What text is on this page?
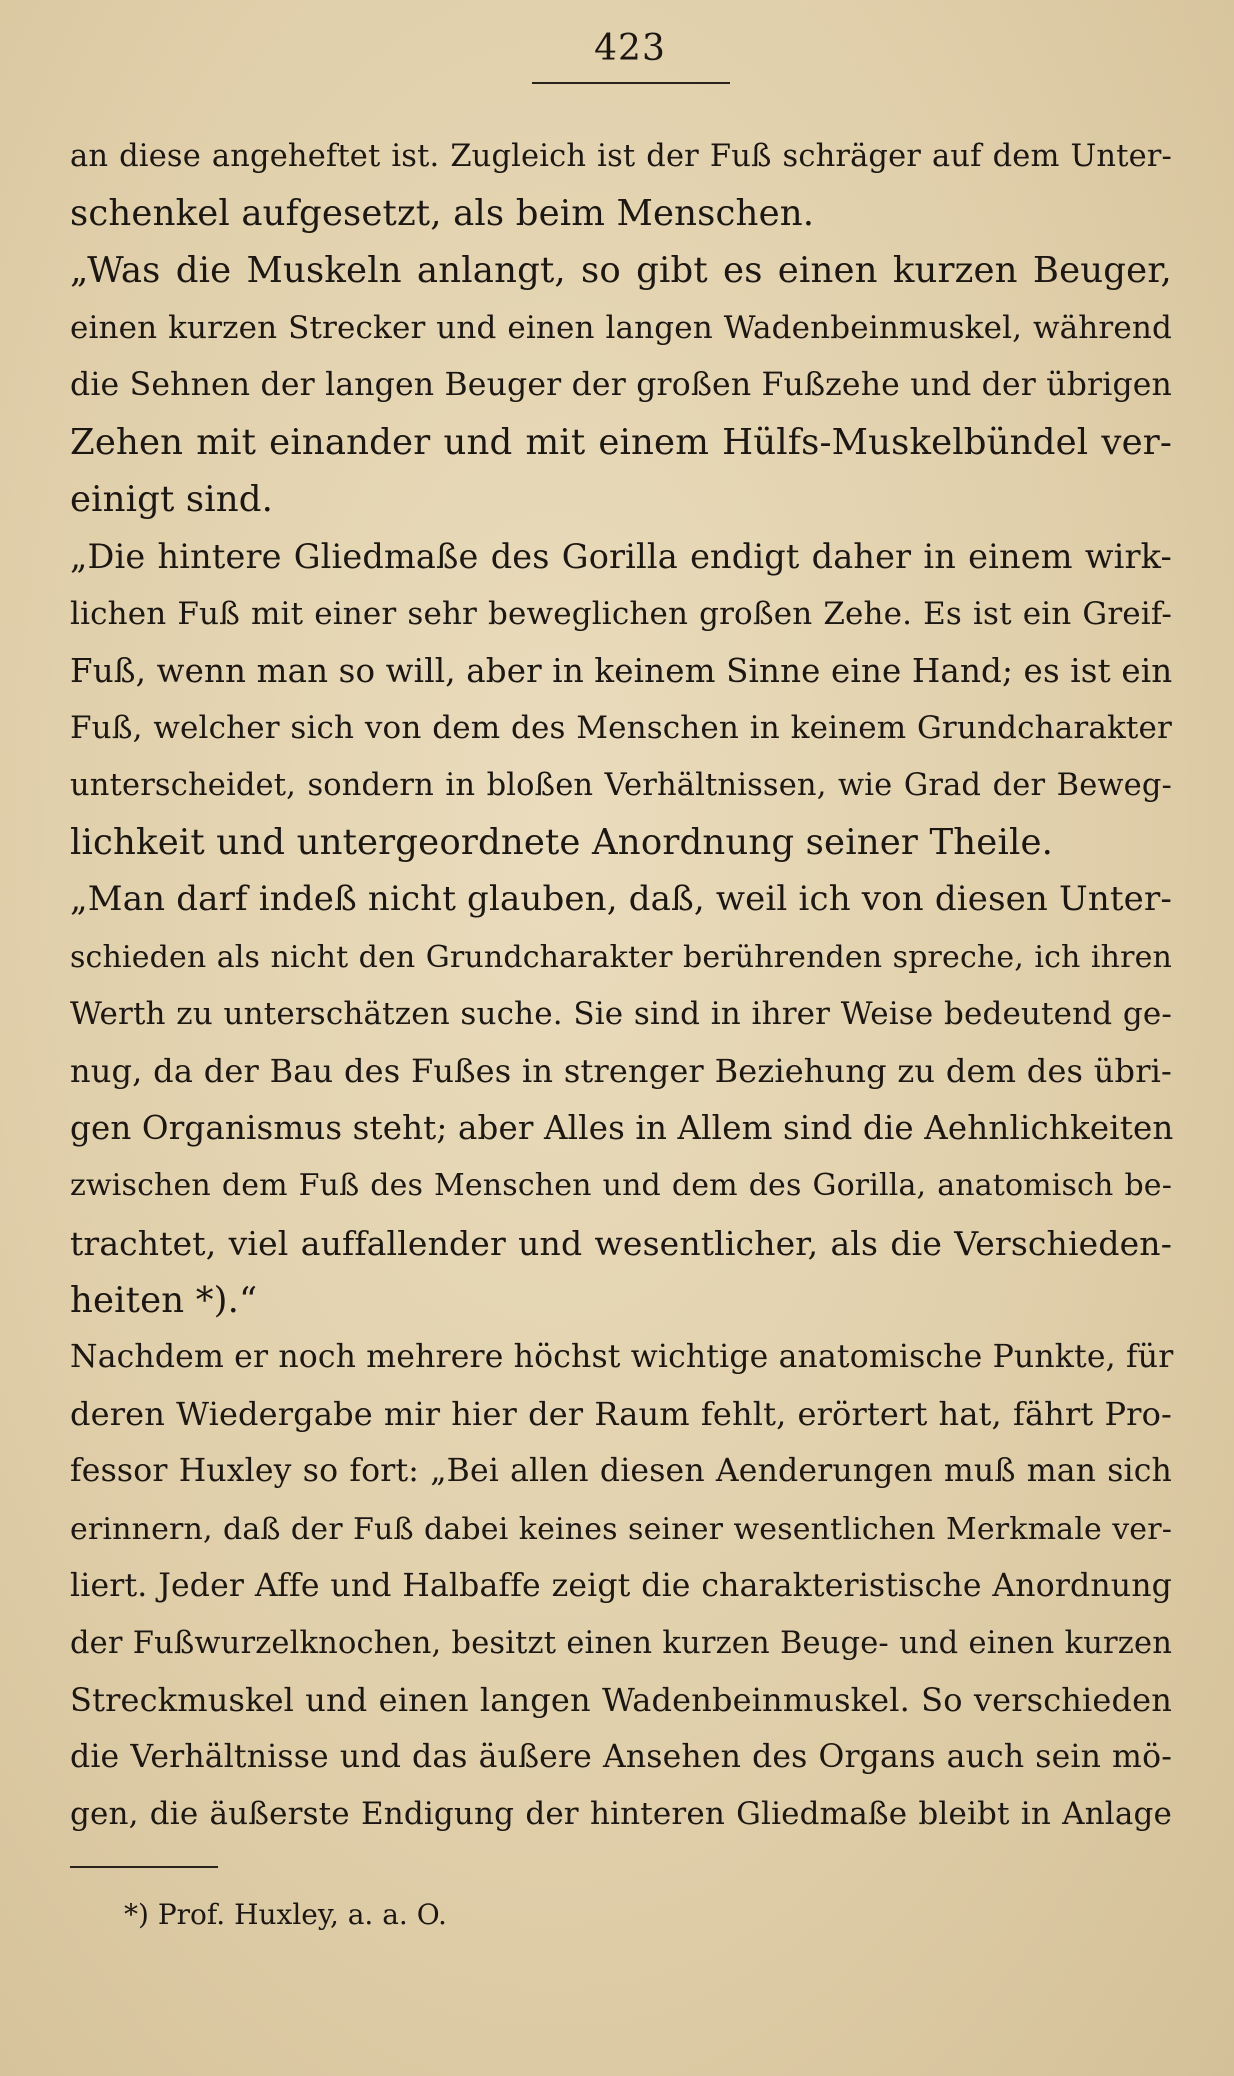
423
an diese angeheftet ist. Zugleich ist der Fuß schräger auf dem Unter-
schenkel aufgesetzt, als beim Menschen.
„Was die Muskeln anlangt, so gibt es einen kurzen Beuger,
einen kurzen Strecker und einen langen Wadenbeinmuskel, während
die Sehnen der langen Beuger der großen Fußzehe und der übrigen
Zehen mit einander und mit einem Hülfs-Muskelbündel ver-
einigt sind.
„Die hintere Gliedmaße des Gorilla endigt daher in einem wirk-
lichen Fuß mit einer sehr beweglichen großen Zehe. Es ist ein Greif-
Fuß, wenn man so will, aber in keinem Sinne eine Hand; es ist ein
Fuß, welcher sich von dem des Menschen in keinem Grundcharakter
unterscheidet, sondern in bloßen Verhältnissen, wie Grad der Beweg-
lichkeit und untergeordnete Anordnung seiner Theile.
„Man darf indeß nicht glauben, daß, weil ich von diesen Unter-
schieden als nicht den Grundcharakter berührenden spreche, ich ihren
Werth zu unterschätzen suche. Sie sind in ihrer Weise bedeutend ge-
nug, da der Bau des Fußes in strenger Beziehung zu dem des übri-
gen Organismus steht; aber Alles in Allem sind die Aehnlichkeiten
zwischen dem Fuß des Menschen und dem des Gorilla, anatomisch be-
trachtet, viel auffallender und wesentlicher, als die Verschieden-
heiten *).“
Nachdem er noch mehrere höchst wichtige anatomische Punkte, für
deren Wiedergabe mir hier der Raum fehlt, erörtert hat, fährt Pro-
fessor Huxley so fort: „Bei allen diesen Aenderungen muß man sich
erinnern, daß der Fuß dabei keines seiner wesentlichen Merkmale ver-
liert. Jeder Affe und Halbaffe zeigt die charakteristische Anordnung
der Fußwurzelknochen, besitzt einen kurzen Beuge- und einen kurzen
Streckmuskel und einen langen Wadenbeinmuskel. So verschieden
die Verhältnisse und das äußere Ansehen des Organs auch sein mö-
gen, die äußerste Endigung der hinteren Gliedmaße bleibt in Anlage
*) Prof. Huxley, a. a. O.
